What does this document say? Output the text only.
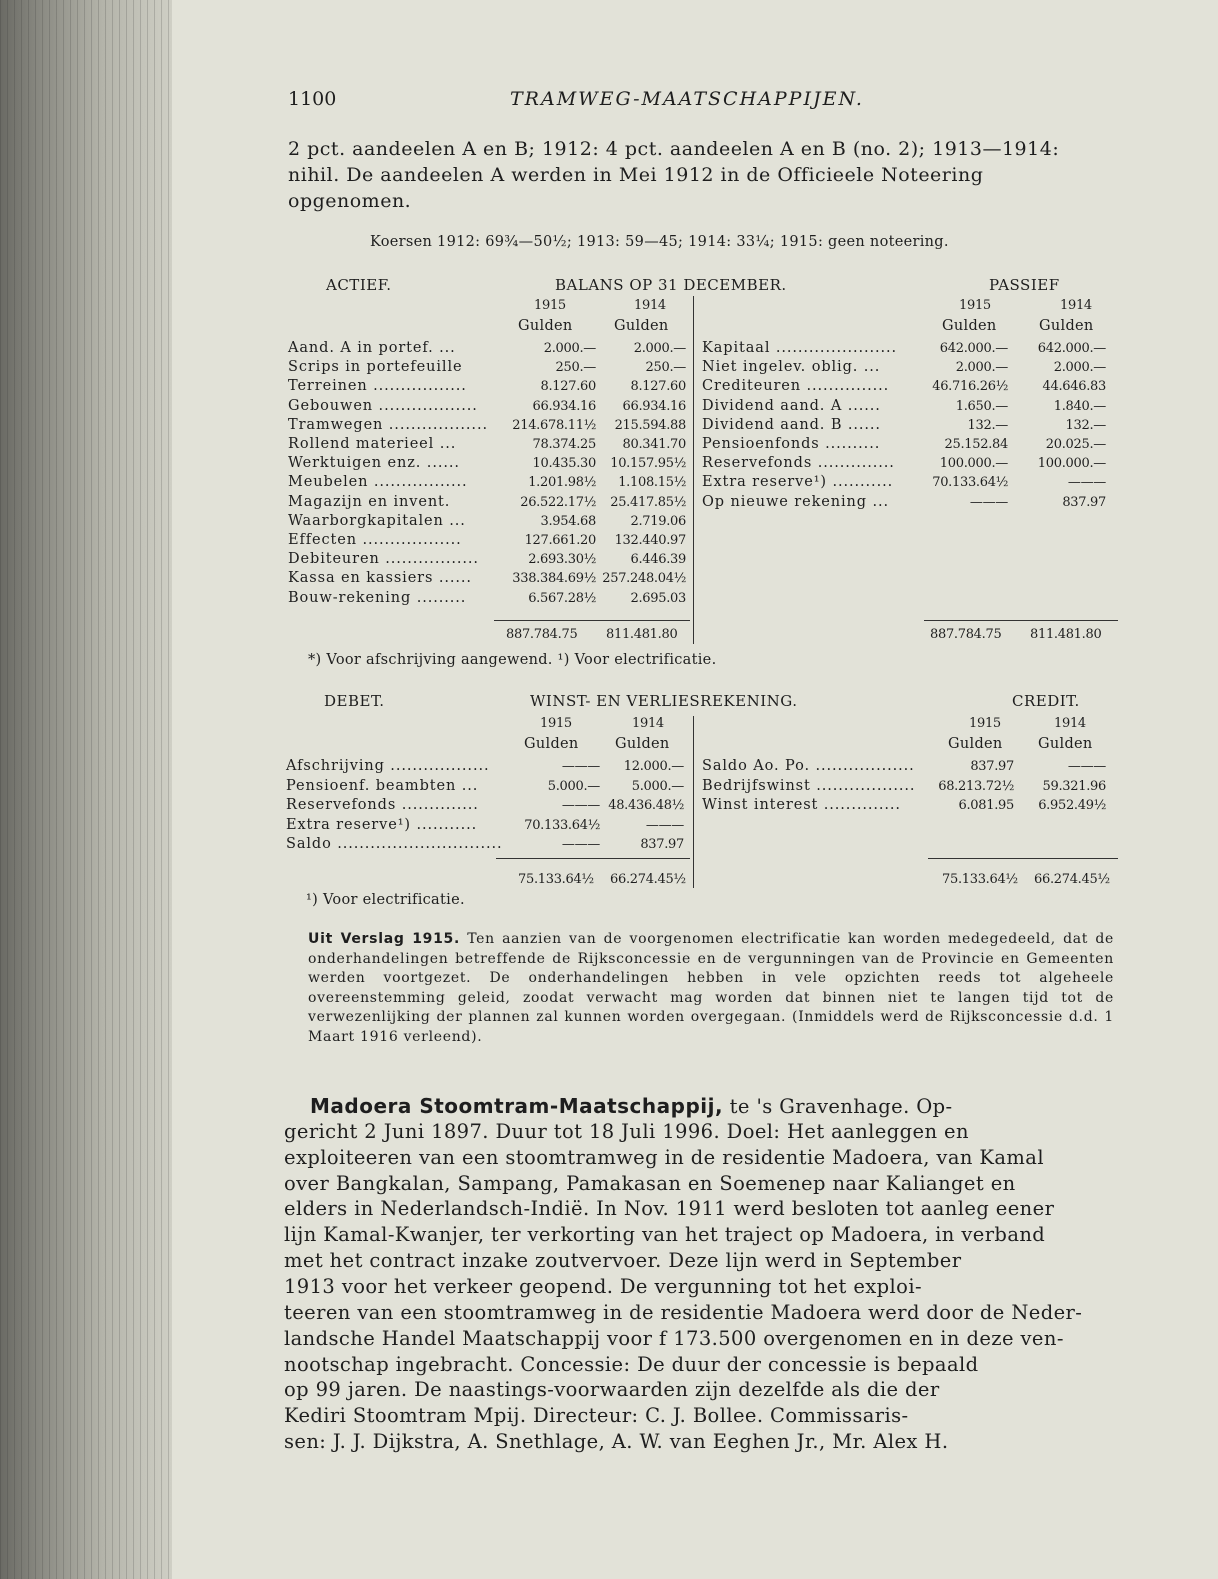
1100	TRAMWEG-MAATSCHAPPIJEN.
2 pct. aandeelen A en B; 1912: 4 pct. aandeelen A en B (no. 2); 1913—1914:
nihil. De aandeelen A werden in Mei 1912 in de Officieele Noteering
opgenomen.
Koersen 1912: 69¾—50½; 1913: 59—45; 1914: 33¼; 1915: geen noteering.
ACTIEF.	BALANS OP 31 DECEMBER.	PASSIEF
1915	1914
Gulden	Gulden
1915	1914
Gulden	Gulden
Aand. A in portef. ...	2.000.—	2.000.—
Scrips in portefeuille	250.—	250.—
Terreinen .................	8.127.60	8.127.60
Gebouwen ..................	66.934.16 66.934.16
Tramwegen .................. 214.678.11½ 215.594.88
Rollend materieel ...	78.374.25 80.341.70
Werktuigen enz. ......	10.435.30 10.157.95½
Meubelen .................	1.201.98½ 1.108.15½
Magazijn en invent.	26.522.17½ 25.417.85½
Waarborgkapitalen ...	3.954.68	2.719.06
Effecten ..................	127.661.20 132.440.97
Debiteuren .................	2.693.30½	6.446.39
Kassa en kassiers ......	338.384.69½ 257.248.04½
Bouw-rekening .........	6.567.28½	2.695.03
Kapitaal ......................	642.000.— 642.000.—
Niet ingelev. oblig. ...	2.000.—	2.000.—
Crediteuren ...............	46.716.26½	44.646.83
Dividend aand. A ......	1.650.—	1.840.—
Dividend aand. B ......	132.—	132.—
Pensioenfonds ..........	25.152.84	20.025.—
Reservefonds ..............	100.000.— 100.000.—
Extra reserve¹) ...........	70.133.64½	———
Op nieuwe rekening ...	———	837.97
887.784.75 811.481.80	887.784.75 811.481.80
*) Voor afschrijving aangewend. ¹) Voor electrificatie.
DEBET.	WINST- EN VERLIESREKENING.	CREDIT.
1915	1914
Gulden	Gulden
1915	1914
Gulden Gulden
Afschrijving ..................	——— 12.000.—
Pensioenf. beambten ...	5.000.— 5.000.—
Reservefonds ..............	——— 48.436.48½
Extra reserve¹) ...........	70.133.64½	———
Saldo ..............................	———	837.97
Saldo Ao. Po. ..................	837.97	———
Bedrijfswinst .................. 68.213.72½ 59.321.96
Winst interest ..............	6.081.95 6.952.49½
75.133.64½ 66.274.45½	75.133.64½ 66.274.45½
¹) Voor electrificatie.
Uit Verslag 1915. Ten aanzien van de voorgenomen electrificatie kan worden medegedeeld, dat de onderhandelingen betreffende de Rijksconcessie en de vergunningen van de Provincie en Gemeenten werden voortgezet. De onderhandelingen hebben in vele opzichten reeds tot algeheele overeenstemming geleid, zoodat verwacht mag worden dat binnen niet te langen tijd tot de verwezenlijking der plannen zal kunnen worden overgegaan. (Inmiddels werd de Rijksconcessie d.d. 1 Maart 1916 verleend).
Madoera Stoomtram-Maatschappij, te 's Gravenhage. Op-
gericht 2 Juni 1897. Duur tot 18 Juli 1996. Doel: Het aanleggen en
exploiteeren van een stoomtramweg in de residentie Madoera, van Kamal
over Bangkalan, Sampang, Pamakasan en Soemenep naar Kalianget en
elders in Nederlandsch-Indië. In Nov. 1911 werd besloten tot aanleg eener
lijn Kamal-Kwanjer, ter verkorting van het traject op Madoera, in verband
met het contract inzake zoutvervoer. Deze lijn werd in September
1913 voor het verkeer geopend. De vergunning tot het exploi-
teeren van een stoomtramweg in de residentie Madoera werd door de Neder-
landsche Handel Maatschappij voor f 173.500 overgenomen en in deze ven-
nootschap ingebracht. Concessie: De duur der concessie is bepaald
op 99 jaren. De naastings-voorwaarden zijn dezelfde als die der
Kediri Stoomtram Mpij. Directeur: C. J. Bollee. Commissaris-
sen: J. J. Dijkstra, A. Snethlage, A. W. van Eeghen Jr., Mr. Alex H.
